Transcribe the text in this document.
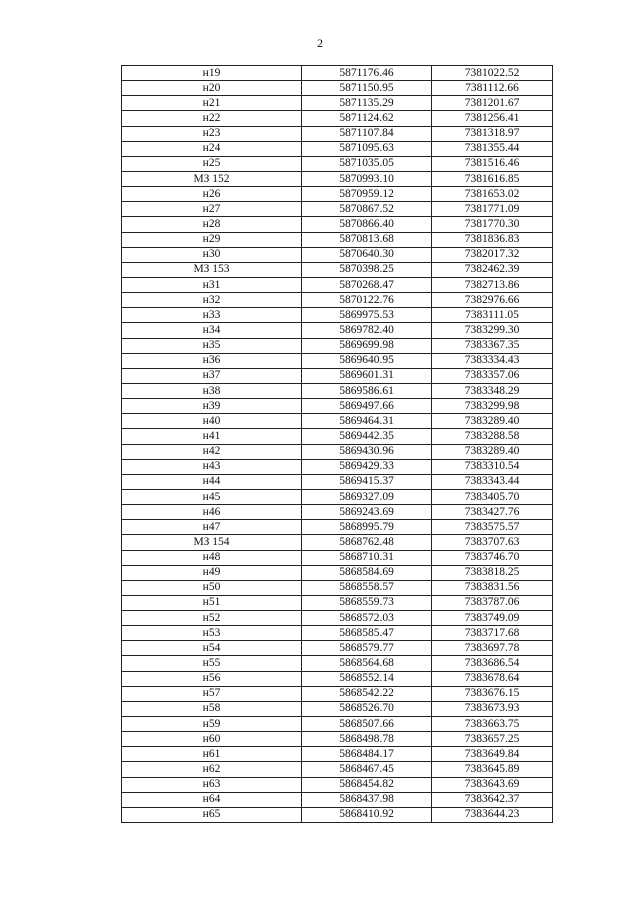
2
н19	5871176.46	7381022.52
н20	5871150.95	7381112.66
н21	5871135.29	7381201.67
н22	5871124.62	7381256.41
н23	5871107.84	7381318.97
н24	5871095.63	7381355.44
н25	5871035.05	7381516.46
МЗ 152	5870993.10	7381616.85
н26	5870959.12	7381653.02
н27	5870867.52	7381771.09
н28	5870866.40	7381770.30
н29	5870813.68	7381836.83
н30	5870640.30	7382017.32
МЗ 153	5870398.25	7382462.39
н31	5870268.47	7382713.86
н32	5870122.76	7382976.66
н33	5869975.53	7383111.05
н34	5869782.40	7383299.30
н35	5869699.98	7383367.35
н36	5869640.95	7383334.43
н37	5869601.31	7383357.06
н38	5869586.61	7383348.29
н39	5869497.66	7383299.98
н40	5869464.31	7383289.40
н41	5869442.35	7383288.58
н42	5869430.96	7383289.40
н43	5869429.33	7383310.54
н44	5869415.37	7383343.44
н45	5869327.09	7383405.70
н46	5869243.69	7383427.76
н47	5868995.79	7383575.57
МЗ 154	5868762.48	7383707.63
н48	5868710.31	7383746.70
н49	5868584.69	7383818.25
н50	5868558.57	7383831.56
н51	5868559.73	7383787.06
н52	5868572.03	7383749.09
н53	5868585.47	7383717.68
н54	5868579.77	7383697.78
н55	5868564.68	7383686.54
н56	5868552.14	7383678.64
н57	5868542.22	7383676.15
н58	5868526.70	7383673.93
н59	5868507.66	7383663.75
н60	5868498.78	7383657.25
н61	5868484.17	7383649.84
н62	5868467.45	7383645.89
н63	5868454.82	7383643.69
н64	5868437.98	7383642.37
н65	5868410.92	7383644.23
